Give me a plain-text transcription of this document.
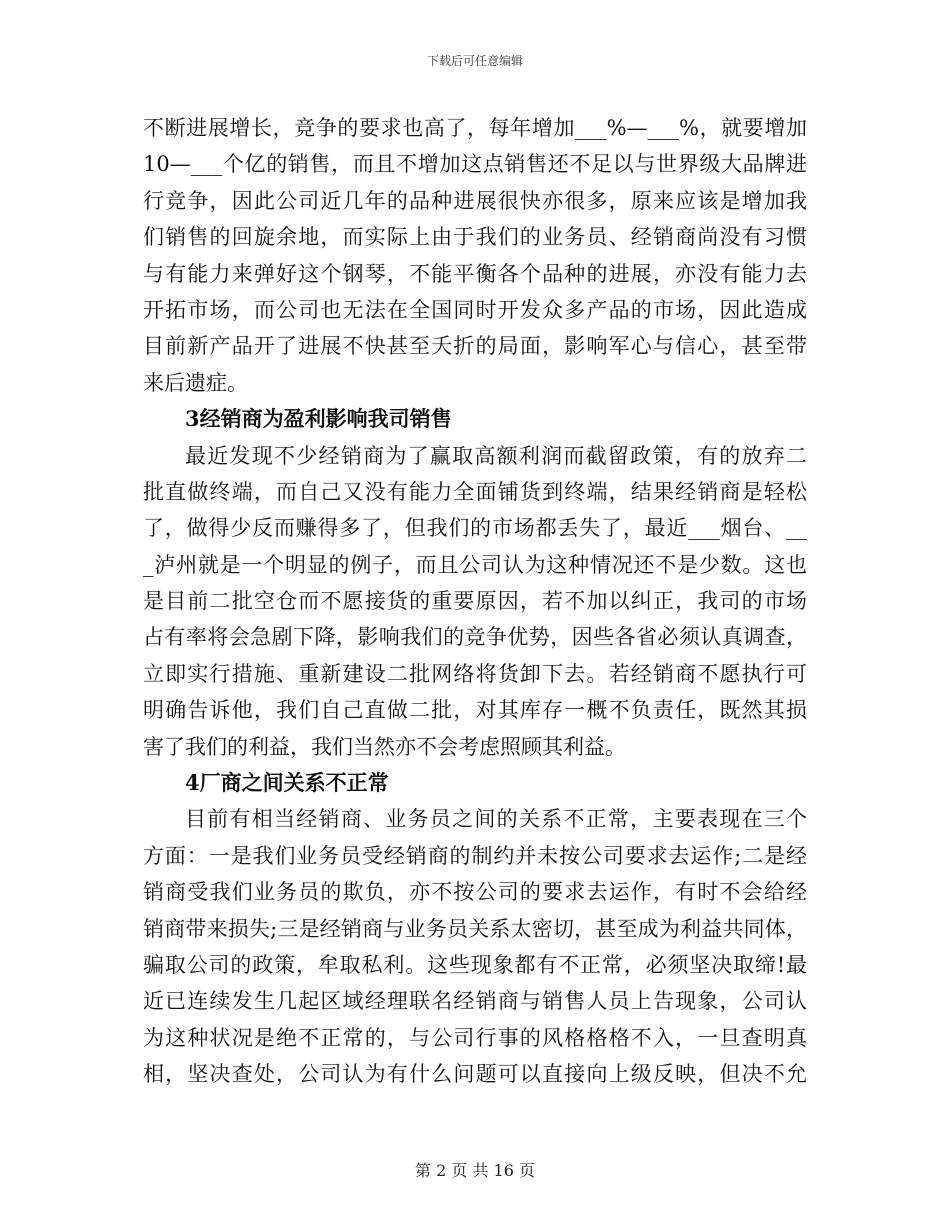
下载后可任意编辑
不断进展增长，竞争的要求也高了，每年增加___%—___%，就要增加
10—___个亿的销售，而且不增加这点销售还不足以与世界级大品牌进
行竞争，因此公司近几年的品种进展很快亦很多，原来应该是增加我
们销售的回旋余地，而实际上由于我们的业务员、经销商尚没有习惯
与有能力来弹好这个钢琴，不能平衡各个品种的进展，亦没有能力去
开拓市场，而公司也无法在全国同时开发众多产品的市场，因此造成
目前新产品开了进展不快甚至夭折的局面，影响军心与信心，甚至带
来后遗症。
3经销商为盈利影响我司销售
最近发现不少经销商为了赢取高额利润而截留政策，有的放弃二
批直做终端，而自己又没有能力全面铺货到终端，结果经销商是轻松
了，做得少反而赚得多了，但我们的市场都丢失了，最近___烟台、__
_泸州就是一个明显的例子，而且公司认为这种情况还不是少数。这也
是目前二批空仓而不愿接货的重要原因，若不加以纠正，我司的市场
占有率将会急剧下降，影响我们的竞争优势，因些各省必须认真调查，
立即实行措施、重新建设二批网络将货卸下去。若经销商不愿执行可
明确告诉他，我们自己直做二批，对其库存一概不负责任，既然其损
害了我们的利益，我们当然亦不会考虑照顾其利益。
4厂商之间关系不正常
目前有相当经销商、业务员之间的关系不正常，主要表现在三个
方面：一是我们业务员受经销商的制约并未按公司要求去运作;二是经
销商受我们业务员的欺负，亦不按公司的要求去运作，有时不会给经
销商带来损失;三是经销商与业务员关系太密切，甚至成为利益共同体，
骗取公司的政策，牟取私利。这些现象都有不正常，必须坚决取缔!最
近已连续发生几起区域经理联名经销商与销售人员上告现象，公司认
为这种状况是绝不正常的，与公司行事的风格格格不入，一旦查明真
相，坚决查处，公司认为有什么问题可以直接向上级反映，但决不允
第 2 页 共 16 页
